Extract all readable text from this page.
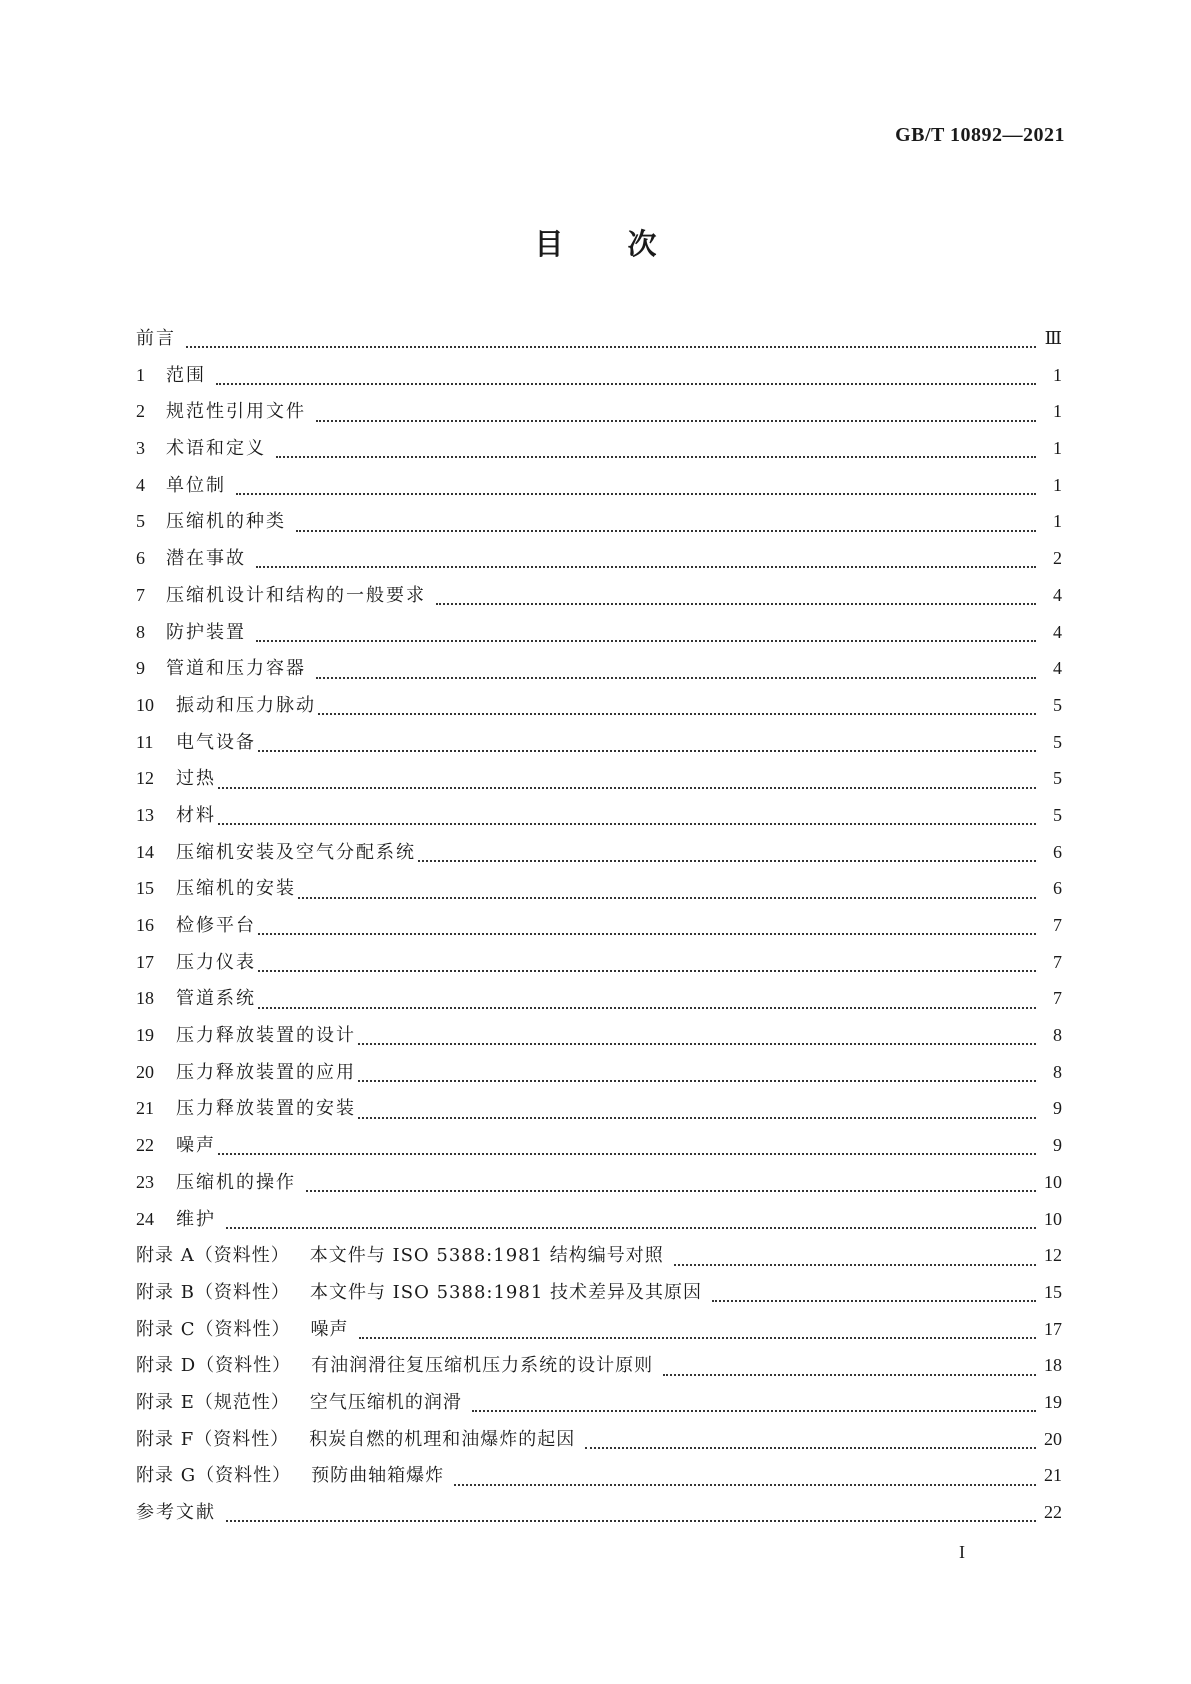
GB/T 10892—2021
目 次
前言	Ⅲ
1	范围	1
2	规范性引用文件	1
3	术语和定义	1
4	单位制	1
5	压缩机的种类	1
6	潜在事故	2
7	压缩机设计和结构的一般要求	4
8	防护装置	4
9	管道和压力容器	4
10	振动和压力脉动	5
11	电气设备	5
12	过热	5
13	材料	5
14	压缩机安装及空气分配系统	6
15	压缩机的安装	6
16	检修平台	7
17	压力仪表	7
18	管道系统	7
19	压力释放装置的设计	8
20	压力释放装置的应用	8
21	压力释放装置的安装	9
22	噪声	9
23	压缩机的操作	10
24	维护	10
附录 A（资料性）	本文件与 ISO 5388:1981 结构编号对照	12
附录 B（资料性）	本文件与 ISO 5388:1981 技术差异及其原因	15
附录 C（资料性）	噪声	17
附录 D（资料性）	有油润滑往复压缩机压力系统的设计原则	18
附录 E（规范性）	空气压缩机的润滑	19
附录 F（资料性）	积炭自燃的机理和油爆炸的起因	20
附录 G（资料性）	预防曲轴箱爆炸	21
参考文献	22
I
